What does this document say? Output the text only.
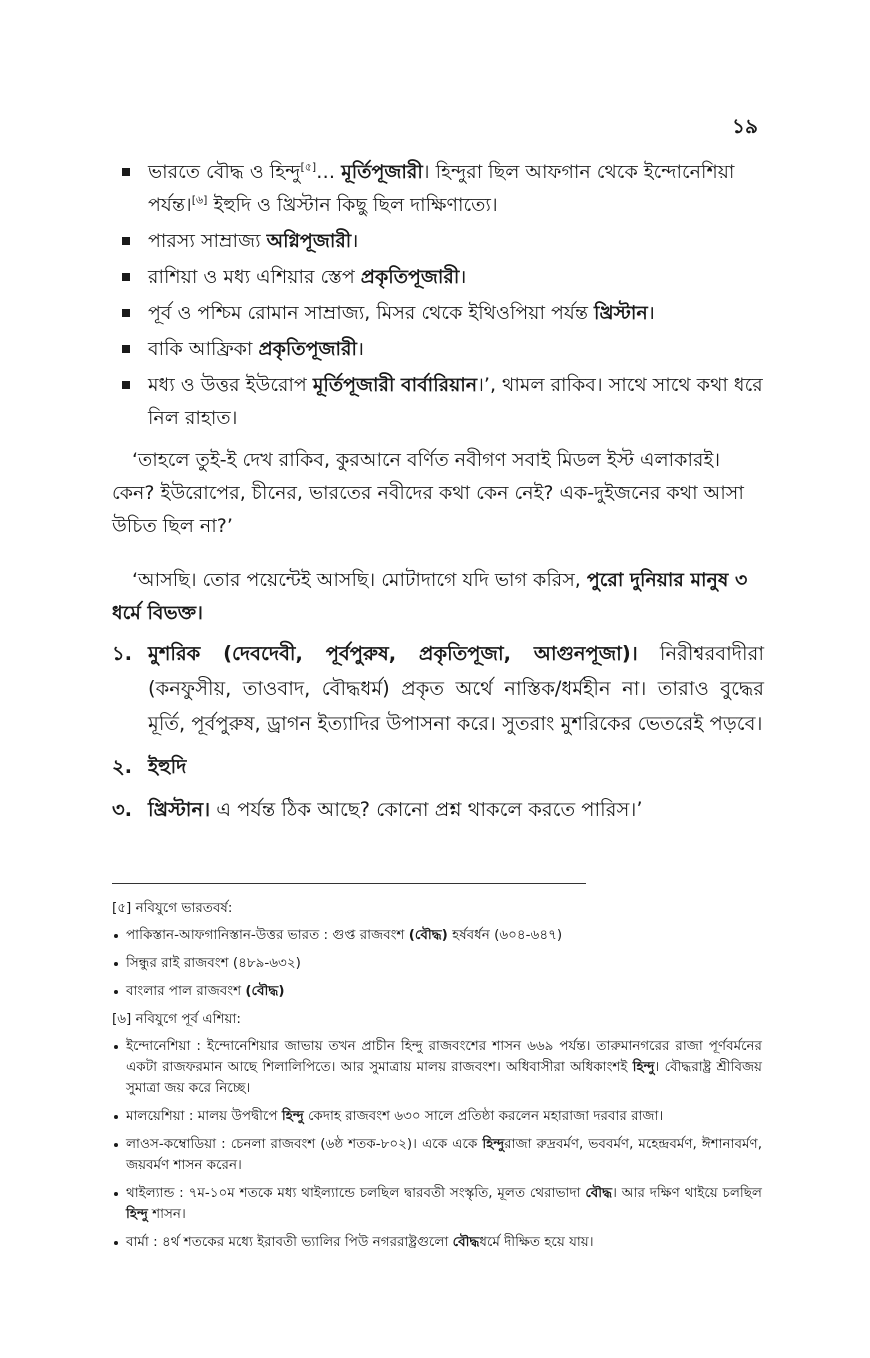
১৯
ভারতে বৌদ্ধ ও হিন্দু[৫]… মূর্তিপূজারী। হিন্দুরা ছিল আফগান থেকে ইন্দোনেশিয়া পর্যন্ত।[৬] ইহুদি ও খ্রিস্টান কিছু ছিল দাক্ষিণাত্যে।
পারস্য সাম্রাজ্য অগ্নিপূজারী।
রাশিয়া ও মধ্য এশিয়ার স্তেপ প্রকৃতিপূজারী।
পূর্ব ও পশ্চিম রোমান সাম্রাজ্য, মিসর থেকে ইথিওপিয়া পর্যন্ত খ্রিস্টান।
বাকি আফ্রিকা প্রকৃতিপূজারী।
মধ্য ও উত্তর ইউরোপ মূর্তিপূজারী বার্বারিয়ান।’, থামল রাকিব। সাথে সাথে কথা ধরে নিল রাহাত।

‘তাহলে তুই-ই দেখ রাকিব, কুরআনে বর্ণিত নবীগণ সবাই মিডল ইস্ট এলাকারই। কেন? ইউরোপের, চীনের, ভারতের নবীদের কথা কেন নেই? এক-দুইজনের কথা আসা উচিত ছিল না?’

‘আসছি। তোর পয়েন্টেই আসছি। মোটাদাগে যদি ভাগ করিস, পুরো দুনিয়ার মানুষ ৩ ধর্মে বিভক্ত।

১. মুশরিক (দেবদেবী, পূর্বপুরুষ, প্রকৃতিপূজা, আগুনপূজা)। নিরীশ্বরবাদীরা (কনফুসীয়, তাওবাদ, বৌদ্ধধর্ম) প্রকৃত অর্থে নাস্তিক/ধর্মহীন না। তারাও বুদ্ধের মূর্তি, পূর্বপুরুষ, ড্রাগন ইত্যাদির উপাসনা করে। সুতরাং মুশরিকের ভেতরেই পড়বে।
২. ইহুদি
৩. খ্রিস্টান। এ পর্যন্ত ঠিক আছে? কোনো প্রশ্ন থাকলে করতে পারিস।’
[৫] নবিযুগে ভারতবর্ষ:
পাকিস্তান-আফগানিস্তান-উত্তর ভারত : গুপ্ত রাজবংশ (বৌদ্ধ) হর্ষবর্ধন (৬০৪-৬৪৭)
সিন্ধুর রাই রাজবংশ (৪৮৯-৬৩২)
বাংলার পাল রাজবংশ (বৌদ্ধ)
[৬] নবিযুগে পূর্ব এশিয়া:
ইন্দোনেশিয়া : ইন্দোনেশিয়ার জাভায় তখন প্রাচীন হিন্দু রাজবংশের শাসন ৬৬৯ পর্যন্ত। তারুমানগরের রাজা পূর্ণবর্মনের একটা রাজফরমান আছে শিলালিপিতে। আর সুমাত্রায় মালয় রাজবংশ। অধিবাসীরা অধিকাংশই হিন্দু। বৌদ্ধরাষ্ট্র শ্রীবিজয় সুমাত্রা জয় করে নিচ্ছে।
মালয়েশিয়া : মালয় উপদ্বীপে হিন্দু কেদাহ রাজবংশ ৬৩০ সালে প্রতিষ্ঠা করলেন মহারাজা দরবার রাজা।
লাওস-কম্বোডিয়া : চেনলা রাজবংশ (৬ষ্ঠ শতক-৮০২)। একে একে হিন্দুরাজা রুদ্রবর্মণ, ভববর্মণ, মহেন্দ্রবর্মণ, ঈশানাবর্মণ, জয়বর্মণ শাসন করেন।
থাইল্যান্ড : ৭ম-১০ম শতকে মধ্য থাইল্যান্ডে চলছিল দ্বারবতী সংস্কৃতি, মূলত থেরাভাদা বৌদ্ধ। আর দক্ষিণ থাইয়ে চলছিল হিন্দু শাসন।
বার্মা : ৪র্থ শতকের মধ্যে ইরাবতী ভ্যালির পিউ নগররাষ্ট্রগুলো বৌদ্ধধর্মে দীক্ষিত হয়ে যায়।
